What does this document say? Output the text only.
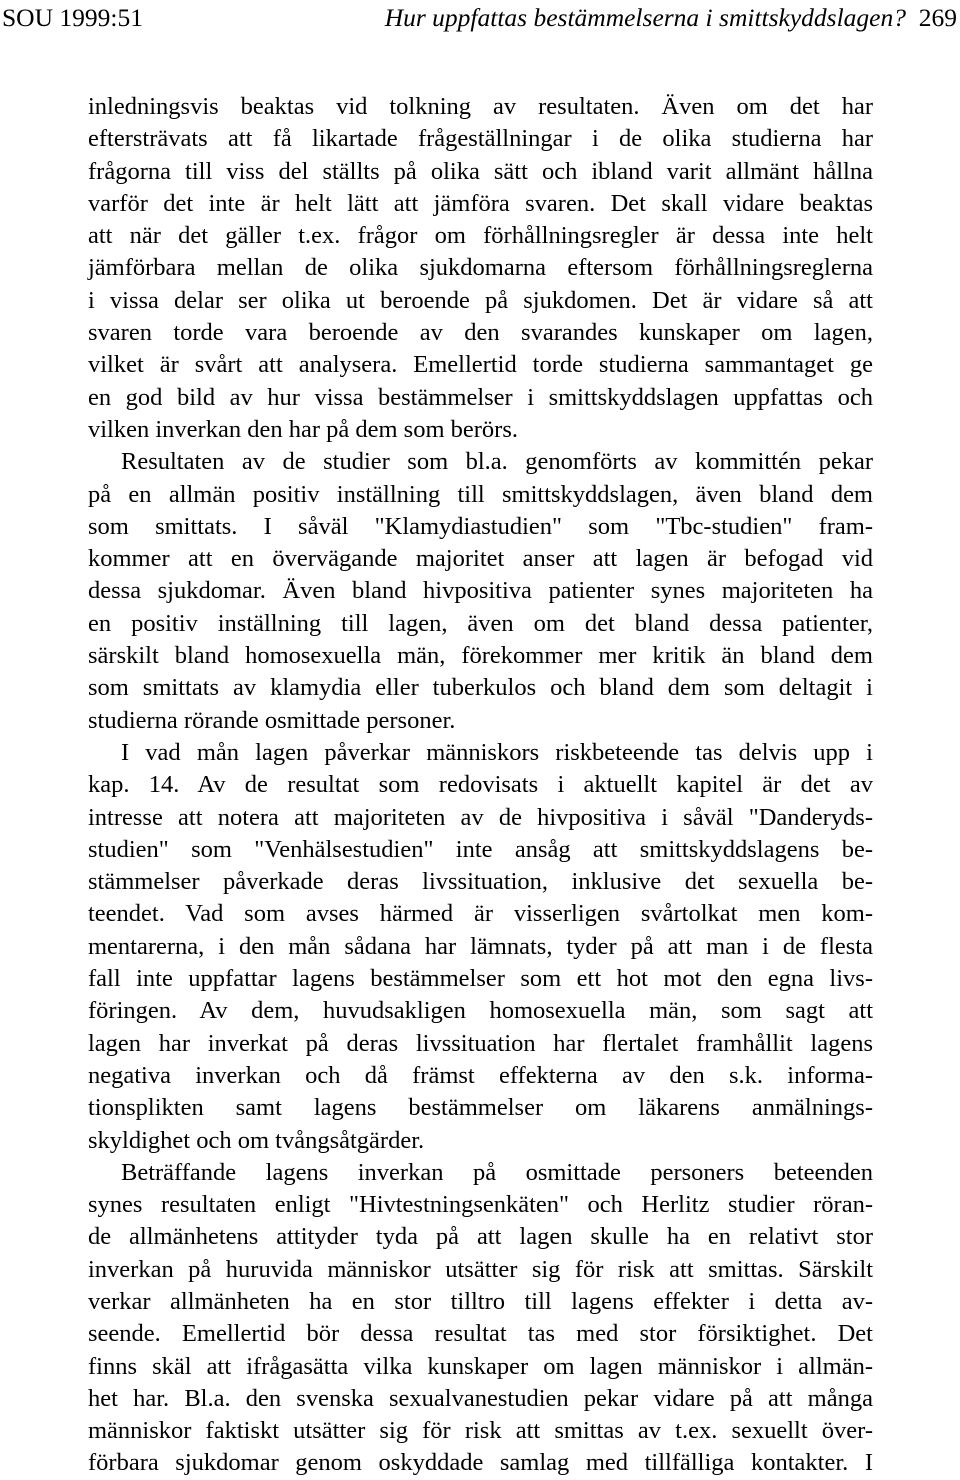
SOU 1999:51	Hur uppfattas bestämmelserna i smittskyddslagen? 269
inledningsvis beaktas vid tolkning av resultaten. Även om det har
eftersträvats att få likartade frågeställningar i de olika studierna har
frågorna till viss del ställts på olika sätt och ibland varit allmänt hållna
varför det inte är helt lätt att jämföra svaren. Det skall vidare beaktas
att när det gäller t.ex. frågor om förhållningsregler är dessa inte helt
jämförbara mellan de olika sjukdomarna eftersom förhållningsreglerna
i vissa delar ser olika ut beroende på sjukdomen. Det är vidare så att
svaren torde vara beroende av den svarandes kunskaper om lagen,
vilket är svårt att analysera. Emellertid torde studierna sammantaget ge
en god bild av hur vissa bestämmelser i smittskyddslagen uppfattas och
vilken inverkan den har på dem som berörs.
Resultaten av de studier som bl.a. genomförts av kommittén pekar
på en allmän positiv inställning till smittskyddslagen, även bland dem
som smittats. I såväl "Klamydiastudien" som "Tbc-studien" fram-
kommer att en övervägande majoritet anser att lagen är befogad vid
dessa sjukdomar. Även bland hivpositiva patienter synes majoriteten ha
en positiv inställning till lagen, även om det bland dessa patienter,
särskilt bland homosexuella män, förekommer mer kritik än bland dem
som smittats av klamydia eller tuberkulos och bland dem som deltagit i
studierna rörande osmittade personer.
I vad mån lagen påverkar människors riskbeteende tas delvis upp i
kap. 14. Av de resultat som redovisats i aktuellt kapitel är det av
intresse att notera att majoriteten av de hivpositiva i såväl "Danderyds-
studien" som "Venhälsestudien" inte ansåg att smittskyddslagens be-
stämmelser påverkade deras livssituation, inklusive det sexuella be-
teendet. Vad som avses härmed är visserligen svårtolkat men kom-
mentarerna, i den mån sådana har lämnats, tyder på att man i de flesta
fall inte uppfattar lagens bestämmelser som ett hot mot den egna livs-
föringen. Av dem, huvudsakligen homosexuella män, som sagt att
lagen har inverkat på deras livssituation har flertalet framhållit lagens
negativa inverkan och då främst effekterna av den s.k. informa-
tionsplikten samt lagens bestämmelser om läkarens anmälnings-
skyldighet och om tvångsåtgärder.
Beträffande lagens inverkan på osmittade personers beteenden
synes resultaten enligt "Hivtestningsenkäten" och Herlitz studier röran-
de allmänhetens attityder tyda på att lagen skulle ha en relativt stor
inverkan på huruvida människor utsätter sig för risk att smittas. Särskilt
verkar allmänheten ha en stor tilltro till lagens effekter i detta av-
seende. Emellertid bör dessa resultat tas med stor försiktighet. Det
finns skäl att ifrågasätta vilka kunskaper om lagen människor i allmän-
het har. Bl.a. den svenska sexualvanestudien pekar vidare på att många
människor faktiskt utsätter sig för risk att smittas av t.ex. sexuellt över-
förbara sjukdomar genom oskyddade samlag med tillfälliga kontakter. I
